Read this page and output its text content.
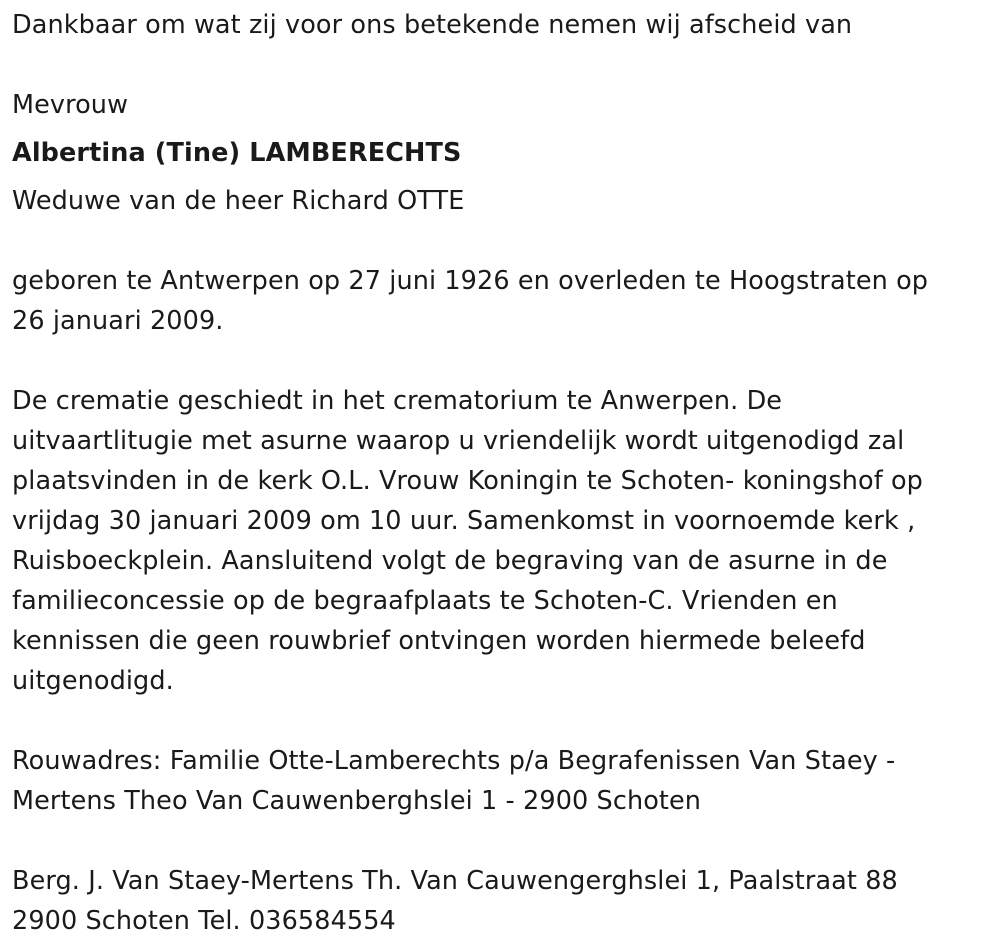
Dankbaar om wat zij voor ons betekende nemen wij afscheid van
Mevrouw
Albertina (Tine) LAMBERECHTS
Weduwe van de heer Richard OTTE
geboren te Antwerpen op 27 juni 1926 en overleden te Hoogstraten op
26 januari 2009.
De crematie geschiedt in het crematorium te Anwerpen. De
uitvaartlitugie met asurne waarop u vriendelijk wordt uitgenodigd zal
plaatsvinden in de kerk O.L. Vrouw Koningin te Schoten- koningshof op
vrijdag 30 januari 2009 om 10 uur. Samenkomst in voornoemde kerk ,
Ruisboeckplein. Aansluitend volgt de begraving van de asurne in de
familieconcessie op de begraafplaats te Schoten-C. Vrienden en
kennissen die geen rouwbrief ontvingen worden hiermede beleefd
uitgenodigd.
Rouwadres: Familie Otte-Lamberechts p/a Begrafenissen Van Staey -
Mertens Theo Van Cauwenberghslei 1 - 2900 Schoten
Berg. J. Van Staey-Mertens Th. Van Cauwengerghslei 1, Paalstraat 88
2900 Schoten Tel. 036584554
